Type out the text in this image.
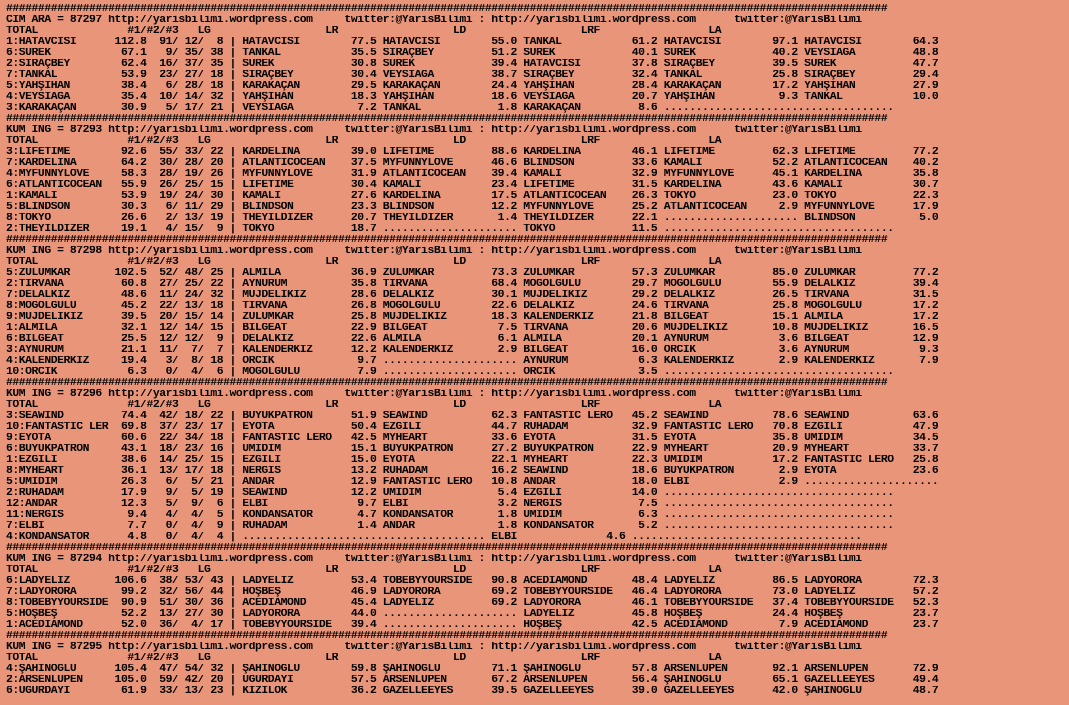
##########################################################################################################################################
CIM ARA = 87297 http://yarisbilimi.wordpress.com     twitter:@YarisBilimi : http://yarisbilimi.wordpress.com      twitter:@YarisBilimi
TOTAL              #1/#2/#3   LG                  LR                  LD                  LRF                 LA
1:HATAVCISI      112.8  91/ 12/  8 | HATAVCISI        77.5 HATAVCISI        55.0 TANKAL           61.2 HATAVCISI        97.1 HATAVCISI        64.3
6:SÜREK           67.1   9/ 35/ 38 | TANKAL           35.5 SIRAÇBEY         51.2 SÜREK            40.1 SÜREK            40.2 VEYSİAĞA         48.8
2:SIRAÇBEY        62.4  16/ 37/ 35 | SÜREK            30.8 SÜREK            39.4 HATAVCISI        37.8 SIRAÇBEY         39.5 SÜREK            47.7
7:TANKAL          53.9  23/ 27/ 18 | SIRAÇBEY         30.4 VEYSİAĞA         38.7 SIRAÇBEY         32.4 TANKAL           25.8 SIRAÇBEY         29.4
5:YAHŞİHAN        38.4   6/ 28/ 18 | KARAKAÇAN        29.5 KARAKAÇAN        24.4 YAHŞİHAN         28.4 KARAKAÇAN        17.2 YAHŞİHAN         27.9
4:VEYSİAĞA        35.4  10/ 14/ 32 | YAHŞİHAN         18.3 YAHŞİHAN         18.6 VEYSİAĞA         20.7 YAHŞİHAN          9.3 TANKAL           10.0
3:KARAKAÇAN       30.9   5/ 17/ 21 | VEYSİAĞA          7.2 TANKAL            1.8 KARAKAÇAN         8.6 ....................................
##########################################################################################################################################
KUM ING = 87293 http://yarisbilimi.wordpress.com     twitter:@YarisBilimi : http://yarisbilimi.wordpress.com      twitter:@YarisBilimi
TOTAL              #1/#2/#3   LG                  LR                  LD                  LRF                 LA
3:LIFETIME        92.6  55/ 33/ 22 | KARDELINA        39.0 LIFETIME         88.6 KARDELINA        46.1 LIFETIME         62.3 LIFETIME         77.2
7:KARDELINA       64.2  30/ 28/ 20 | ATLANTICOCEAN    37.5 MYFUNNYLOVE      46.6 BLINDSON         33.6 KAMALI           52.2 ATLANTICOCEAN    40.2
4:MYFUNNYLOVE     58.3  28/ 19/ 26 | MYFUNNYLOVE      31.9 ATLANTICOCEAN    39.4 KAMALI           32.9 MYFUNNYLOVE      45.1 KARDELINA        35.8
6:ATLANTICOCEAN   55.9  26/ 25/ 15 | LIFETIME         30.4 KAMALI           23.4 LIFETIME         31.5 KARDELINA        43.6 KAMALI           30.7
1:KAMALI          53.9  19/ 24/ 30 | KAMALI           27.6 KARDELINA        17.5 ATLANTICOCEAN    26.3 TOKYO            23.0 TOKYO            22.3
5:BLINDSON        30.3   6/ 11/ 29 | BLINDSON         23.3 BLINDSON         12.2 MYFUNNYLOVE      25.2 ATLANTICOCEAN     2.9 MYFUNNYLOVE      17.9
8:TOKYO           26.6   2/ 13/ 19 | THEYILDIZER      20.7 THEYILDIZER       1.4 THEYILDIZER      22.1 ..................... BLINDSON          5.0
2:THEYILDIZER     19.1   4/ 15/  9 | TOKYO            18.7 ..................... TOKYO            11.5 ....................................
##########################################################################################################################################
KUM ING = 87298 http://yarisbilimi.wordpress.com     twitter:@YarisBilimi : http://yarisbilimi.wordpress.com      twitter:@YarisBilimi
TOTAL              #1/#2/#3   LG                  LR                  LD                  LRF                 LA
5:ZÜLUMKAR       102.5  52/ 48/ 25 | ALMİLA           36.9 ZÜLUMKAR         73.3 ZÜLUMKAR         57.3 ZÜLUMKAR         85.0 ZÜLUMKAR         77.2
2:TİRVANA         60.8  27/ 25/ 22 | AYNURUM          35.8 TİRVANA          68.4 MOĞOLGÜLÜ        29.7 MOĞOLGÜLÜ        55.9 DELALKIZ         39.4
7:DELALKIZ        48.6  11/ 24/ 32 | MÜJDELİKIZ       28.6 DELALKIZ         30.1 MÜJDELİKIZ       29.2 DELALKIZ         26.5 TİRVANA          31.5
8:MOĞOLGÜLÜ       45.2  22/ 13/ 18 | TİRVANA          26.8 MOĞOLGÜLÜ        22.6 DELALKIZ         24.6 TİRVANA          25.8 MOĞOLGÜLÜ        17.2
9:MÜJDELİKIZ      39.5  20/ 15/ 14 | ZÜLUMKAR         25.8 MÜJDELİKIZ       18.3 KALENDERKIZ      21.8 BİLGEAT          15.1 ALMİLA           17.2
1:ALMİLA          32.1  12/ 14/ 15 | BİLGEAT          22.9 BİLGEAT           7.5 TİRVANA          20.6 MÜJDELİKIZ       10.8 MÜJDELİKIZ       16.5
6:BİLGEAT         25.5  12/ 12/  9 | DELALKIZ         22.6 ALMİLA            6.1 ALMİLA           20.1 AYNURUM           3.6 BİLGEAT          12.9
3:AYNURUM         21.1  11/  7/  7 | KALENDERKIZ      12.2 KALENDERKIZ       2.9 BİLGEAT          16.0 ORCİK             3.6 AYNURUM           9.3
4:KALENDERKIZ     19.4   3/  8/ 18 | ORCİK             9.7 ..................... AYNURUM           6.3 KALENDERKIZ       2.9 KALENDERKIZ       7.9
10:ORCİK           6.3   0/  4/  6 | MOĞOLGÜLÜ         7.9 ..................... ORCİK             3.5 ....................................
##########################################################################################################################################
KUM ING = 87296 http://yarisbilimi.wordpress.com     twitter:@YarisBilimi : http://yarisbilimi.wordpress.com      twitter:@YarisBilimi
TOTAL              #1/#2/#3   LG                  LR                  LD                  LRF                 LA
3:SEAWIND         74.4  42/ 18/ 22 | BÜYÜKPATRON      51.9 SEAWIND          62.3 FANTASTIC LERO   45.2 SEAWIND          78.6 SEAWIND          63.6
10:FANTASTIC LER  69.8  37/ 23/ 17 | EYOTA            50.4 EZGİLİ           44.7 RUHADAM          32.9 FANTASTIC LERO   70.8 EZGİLİ           47.9
9:EYOTA           60.6  22/ 34/ 18 | FANTASTIC LERO   42.5 MYHEART          33.6 EYOTA            31.5 EYOTA            35.8 ÜMİDİM           34.5
6:BÜYÜKPATRON     43.1  18/ 23/ 16 | ÜMİDİM           15.1 BÜYÜKPATRON      27.2 BÜYÜKPATRON      22.9 MYHEART          20.9 MYHEART          33.7
1:EZGİLİ          38.6  14/ 25/ 15 | EZGİLİ           15.0 EYOTA            22.1 MYHEART          22.3 ÜMİDİM           17.2 FANTASTIC LERO   25.8
8:MYHEART         36.1  13/ 17/ 18 | NERGİS           13.2 RUHADAM          16.2 SEAWIND          18.6 BÜYÜKPATRON       2.9 EYOTA            23.6
5:ÜMİDİM          26.3   6/  5/ 21 | ANDAR            12.9 FANTASTIC LERO   10.8 ANDAR            18.0 ELBİ              2.9 .....................
2:RUHADAM         17.9   9/  5/ 19 | SEAWIND          12.2 ÜMİDİM            5.4 EZGİLİ           14.0 ....................................
12:ANDAR          12.3   5/  9/  6 | ELBİ              9.7 ELBİ              3.2 NERGİS            7.5 ....................................
11:NERGİS          9.4   4/  4/  5 | KONDANSATÖR       4.7 KONDANSATÖR       1.8 ÜMİDİM            6.3 ....................................
7:ELBİ             7.7   0/  4/  9 | RUHADAM           1.4 ANDAR             1.8 KONDANSATÖR       5.2 ....................................
4:KONDANSATÖR      4.8   0/  4/  4 | ...................................... ELBİ              4.6 ....................................
##########################################################################################################################################
KUM ING = 87294 http://yarisbilimi.wordpress.com     twitter:@YarisBilimi : http://yarisbilimi.wordpress.com      twitter:@YarisBilimi
TOTAL              #1/#2/#3   LG                  LR                  LD                  LRF                 LA
6:LADYELIZ       106.6  38/ 53/ 43 | LADYELIZ         53.4 TOBEBYYOURSIDE   90.8 ACEDIAMOND       48.4 LADYELIZ         86.5 LADYORORA        72.3
7:LADYORORA       99.2  32/ 56/ 44 | HOŞBEŞ           46.9 LADYORORA        69.2 TOBEBYYOURSIDE   46.4 LADYORORA        73.0 LADYELIZ         57.2
8:TOBEBYYOURSIDE  90.9  51/ 30/ 36 | ACEDIAMOND       45.4 LADYELIZ         69.2 LADYORORA        46.1 TOBEBYYOURSIDE   37.4 TOBEBYYOURSIDE   52.3
5:HOŞBEŞ          52.2  13/ 27/ 30 | LADYORORA        44.0 ..................... LADYELIZ         45.8 HOŞBEŞ           24.4 HOŞBEŞ           23.7
1:ACEDIAMOND      52.0  36/  4/ 17 | TOBEBYYOURSIDE   39.4 ..................... HOŞBEŞ           42.5 ACEDIAMOND        7.9 ACEDIAMOND       23.7
##########################################################################################################################################
KUM ING = 87295 http://yarisbilimi.wordpress.com     twitter:@YarisBilimi : http://yarisbilimi.wordpress.com      twitter:@YarisBilimi
TOTAL              #1/#2/#3   LG                  LR                  LD                  LRF                 LA
4:ŞAHİNOĞLU      105.4  47/ 54/ 32 | ŞAHİNOĞLU        59.8 ŞAHİNOĞLU        71.1 ŞAHİNOĞLU        57.8 ARSENLUPEN       92.1 ARSENLUPEN       72.9
2:ARSENLUPEN     105.0  59/ 42/ 20 | UĞURDAYI         57.5 ARSENLUPEN       67.2 ARSENLUPEN       56.4 ŞAHİNOĞLU        65.1 GAZELLEEYES      49.4
6:UĞURDAYI        61.9  33/ 13/ 23 | KIZILOK          36.2 GAZELLEEYES      39.5 GAZELLEEYES      39.0 GAZELLEEYES      42.0 ŞAHİNOĞLU        48.7
